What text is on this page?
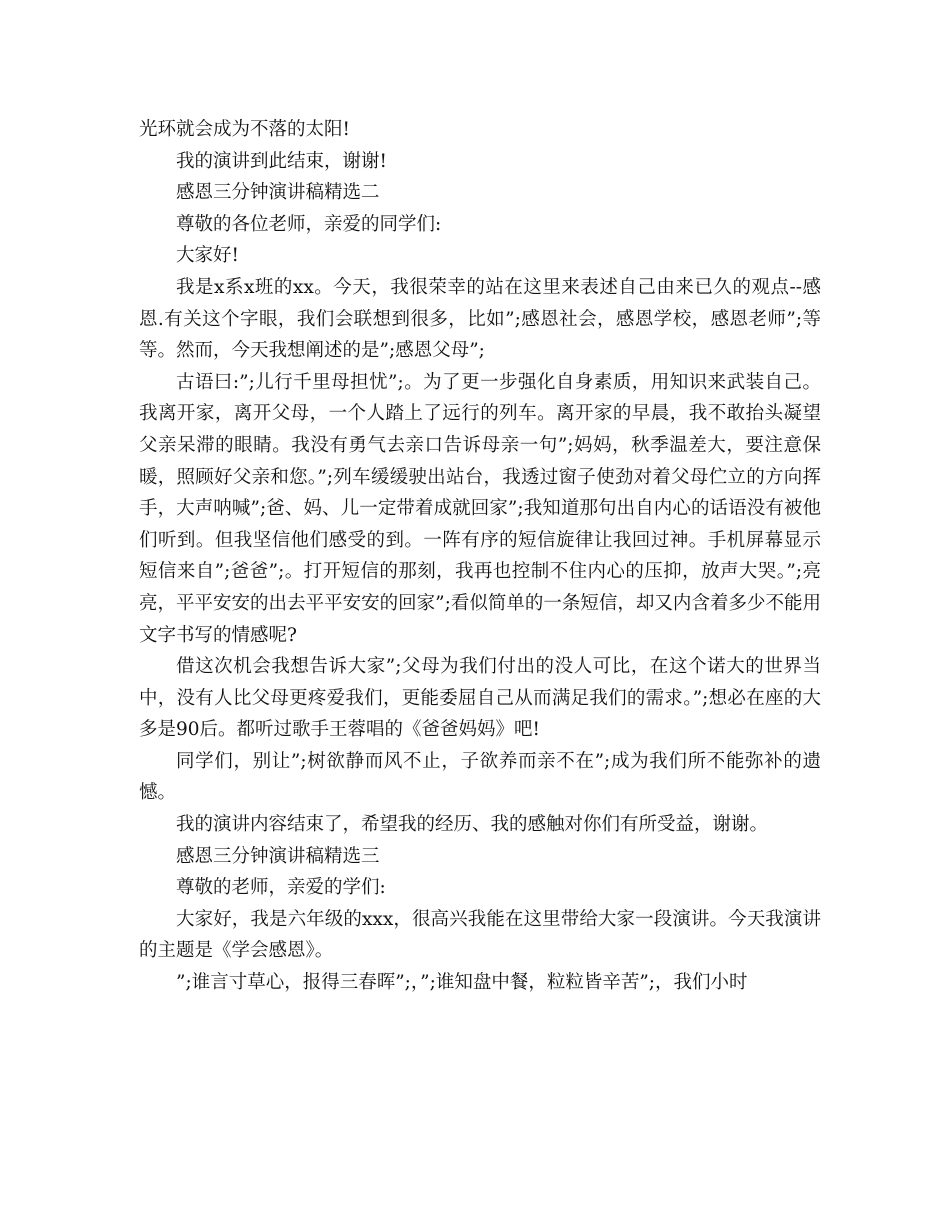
光环就会成为不落的太阳!

我的演讲到此结束，谢谢!

感恩三分钟演讲稿精选二

尊敬的各位老师，亲爱的同学们:

大家好!

我是x系x班的xx。今天，我很荣幸的站在这里来表述自己由来已久的观点--感恩.有关这个字眼，我们会联想到很多，比如”;感恩社会，感恩学校，感恩老师”;等等。然而，今天我想阐述的是”;感恩父母”;

古语曰:”;儿行千里母担忧”;。为了更一步强化自身素质，用知识来武装自己。我离开家，离开父母，一个人踏上了远行的列车。离开家的早晨，我不敢抬头凝望父亲呆滞的眼睛。我没有勇气去亲口告诉母亲一句”;妈妈，秋季温差大，要注意保暖，照顾好父亲和您。”;列车缓缓驶出站台，我透过窗子使劲对着父母伫立的方向挥手，大声呐喊”;爸、妈、儿一定带着成就回家”;我知道那句出自内心的话语没有被他们听到。但我坚信他们感受的到。一阵有序的短信旋律让我回过神。手机屏幕显示短信来自”;爸爸”;。打开短信的那刻，我再也控制不住内心的压抑，放声大哭。”;亮亮，平平安安的出去平平安安的回家”;看似简单的一条短信，却又内含着多少不能用文字书写的情感呢?

借这次机会我想告诉大家”;父母为我们付出的没人可比，在这个诺大的世界当中，没有人比父母更疼爱我们，更能委屈自己从而满足我们的需求。”;想必在座的大多是90后。都听过歌手王蓉唱的《爸爸妈妈》吧!

同学们，别让”;树欲静而风不止，子欲养而亲不在”;成为我们所不能弥补的遗憾。

我的演讲内容结束了，希望我的经历、我的感触对你们有所受益，谢谢。

感恩三分钟演讲稿精选三

尊敬的老师，亲爱的学们:

大家好，我是六年级的xxx，很高兴我能在这里带给大家一段演讲。今天我演讲的主题是《学会感恩》。

”;谁言寸草心，报得三春晖”;，”;谁知盘中餐，粒粒皆辛苦”;，我们小时
